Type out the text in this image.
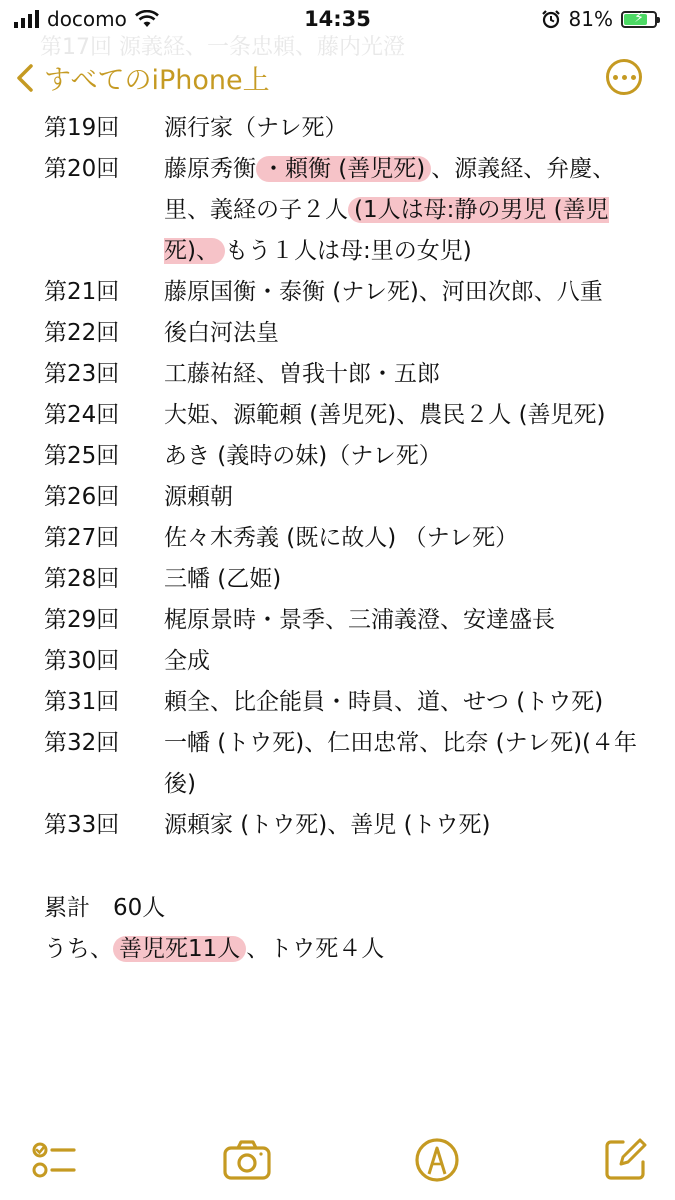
docomo	14:35	81%	⚡
第17回 源義経、一条忠頼、藤内光澄
すべてのiPhone上
第19回	源行家（ナレ死）
第20回	藤原秀衡 ・頼衡 (善児死) 、源義経、弁慶、里、義経の子２人 (1人は母:静の男児 (善児死)、 もう１人は母:里の女児)
第21回	藤原国衡・泰衡 (ナレ死)、河田次郎、八重
第22回	後白河法皇
第23回	工藤祐経、曽我十郎・五郎
第24回	大姫、源範頼 (善児死)、農民２人 (善児死)
第25回	あき (義時の妹)（ナレ死）
第26回	源頼朝
第27回	佐々木秀義 (既に故人) （ナレ死）
第28回	三幡 (乙姫)
第29回	梶原景時・景季、三浦義澄、安達盛長
第30回	全成
第31回	頼全、比企能員・時員、道、せつ (トウ死)
第32回	一幡 (トウ死)、仁田忠常、比奈 (ナレ死)(４年後)
第33回	源頼家 (トウ死)、善児 (トウ死)
累計　60人
うち、 善児死11人 、トウ死４人
